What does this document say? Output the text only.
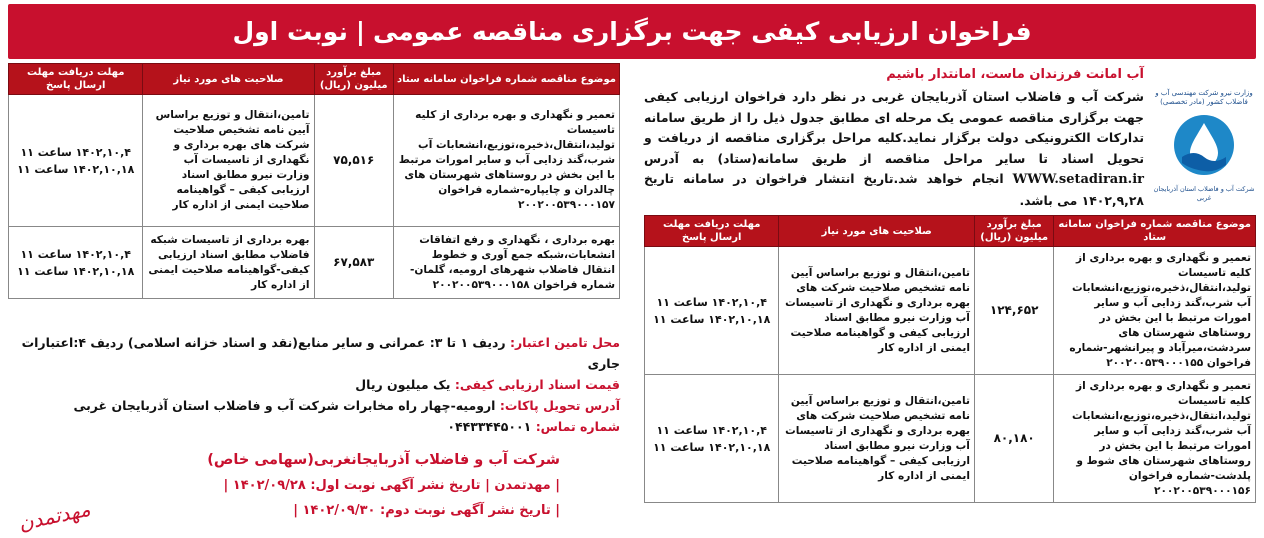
فراخوان ارزیابی کیفی جهت برگزاری مناقصه عمومی
|
نوبت اول
وزارت نیرو شرکت مهندسی آب و فاضلاب کشور (مادر تخصصی)
شرکت آب و فاضلاب استان آذربایجان غربی
آب امانت فرزندان ماست، امانتدار باشیم
شرکت آب و فاضلاب استان آذربایجان غربی در نظر دارد فراخوان ارزیابی کیفی جهت برگزاری مناقصه عمومی یک مرحله ای مطابق جدول ذیل را از طریق سامانه تدارکات الکترونیکی دولت برگزار نماید.کلیه مراحل برگزاری مناقصه از دریافت و تحویل اسناد تا سایر مراحل مناقصه از طریق سامانه(ستاد) به آدرس WWW.setadiran.ir انجام خواهد شد.تاریخ انتشار فراخوان در سامانه تاریخ ۱۴۰۲,۹,۲۸ می باشد.
موضوع مناقصه شماره فراخوان سامانه ستاد	مبلغ برآورد میلیون (ریال)	صلاحیت های مورد نیاز	مهلت دریافت مهلت ارسال پاسخ
تعمیر و نگهداری و بهره برداری از کلیه تاسیسات تولید،انتقال،ذخیره،توزیع،انشعابات آب شرب،گند زدایی آب و سایر امورات مرتبط با این بخش در روستاهای شهرستان های سردشت،میرآباد و پیرانشهر-شماره فراخوان ۲۰۰۲۰۰۵۳۹۰۰۰۱۵۵	۱۲۴,۶۵۲	تامین،انتقال و توزیع براساس آیین نامه تشخیص صلاحیت شرکت های بهره برداری و نگهداری از تاسیسات آب وزارت نیرو مطابق اسناد ارزیابی کیفی و گواهینامه صلاحیت ایمنی از اداره کار	۱۴۰۲,۱۰,۴ ساعت ۱۱
۱۴۰۲,۱۰,۱۸ ساعت ۱۱

تعمیر و نگهداری و بهره برداری از کلیه تاسیسات تولید،انتقال،ذخیره،توزیع،انشعابات آب شرب،گند زدایی آب و سایر امورات مرتبط با این بخش در روستاهای شهرستان های شوط و پلدشت-شماره فراخوان ۲۰۰۲۰۰۵۳۹۰۰۰۱۵۶	۸۰,۱۸۰	تامین،انتقال و توزیع براساس آیین نامه تشخیص صلاحیت شرکت های بهره برداری و نگهداری از تاسیسات آب وزارت نیرو مطابق اسناد ارزیابی کیفی – گواهینامه صلاحیت ایمنی از اداره کار	۱۴۰۲,۱۰,۴ ساعت ۱۱
۱۴۰۲,۱۰,۱۸ ساعت ۱۱
موضوع مناقصه شماره فراخوان سامانه ستاد	مبلغ برآورد میلیون (ریال)	صلاحیت های مورد نیاز	مهلت دریافت مهلت ارسال پاسخ
تعمیر و نگهداری و بهره برداری از کلیه تاسیسات تولید،انتقال،ذخیره،توزیع،انشعابات آب شرب،گند زدایی آب و سایر امورات مرتبط با این بخش در روستاهای شهرستان های چالدران و چایپاره-شماره فراخوان ۲۰۰۲۰۰۵۳۹۰۰۰۱۵۷	۷۵,۵۱۶	تامین،انتقال و توزیع براساس آیین نامه تشخیص صلاحیت شرکت های بهره برداری و نگهداری از تاسیسات آب وزارت نیرو مطابق اسناد ارزیابی کیفی – گواهینامه صلاحیت ایمنی از اداره کار	۱۴۰۲,۱۰,۴ ساعت ۱۱
۱۴۰۲,۱۰,۱۸ ساعت ۱۱

بهره برداری ، نگهداری و رفع اتفاقات انشعابات،شبکه جمع آوری و خطوط انتقال فاضلاب شهرهای ارومیه، گلمان-شماره فراخوان ۲۰۰۲۰۰۵۳۹۰۰۰۱۵۸	۶۷,۵۸۳	بهره برداری از تاسیسات شبکه فاضلاب مطابق اسناد ارزیابی کیفی-گواهینامه صلاحیت ایمنی از اداره کار	۱۴۰۲,۱۰,۴ ساعت ۱۱
۱۴۰۲,۱۰,۱۸ ساعت ۱۱
محل تامین اعتبار: ردیف ۱ تا ۳: عمرانی و سایر منابع(نقد و اسناد خزانه اسلامی) ردیف ۴:اعتبارات جاری
قیمت اسناد ارزیابی کیفی: یک میلیون ریال
آدرس تحویل پاکات: ارومیه-چهار راه مخابرات شرکت آب و فاضلاب استان آذربایجان غربی
شماره تماس: ۰۴۴۳۳۴۴۵۰۰۱
شرکت آب و فاضلاب آذربایجانغربی(سهامی خاص)
| مهدتمدن | تاریخ نشر آگهی نوبت اول: ۱۴۰۲/۰۹/۲۸ |
| تاریخ نشر آگهی نوبت دوم: ۱۴۰۲/۰۹/۳۰ |
مهدتمدن
